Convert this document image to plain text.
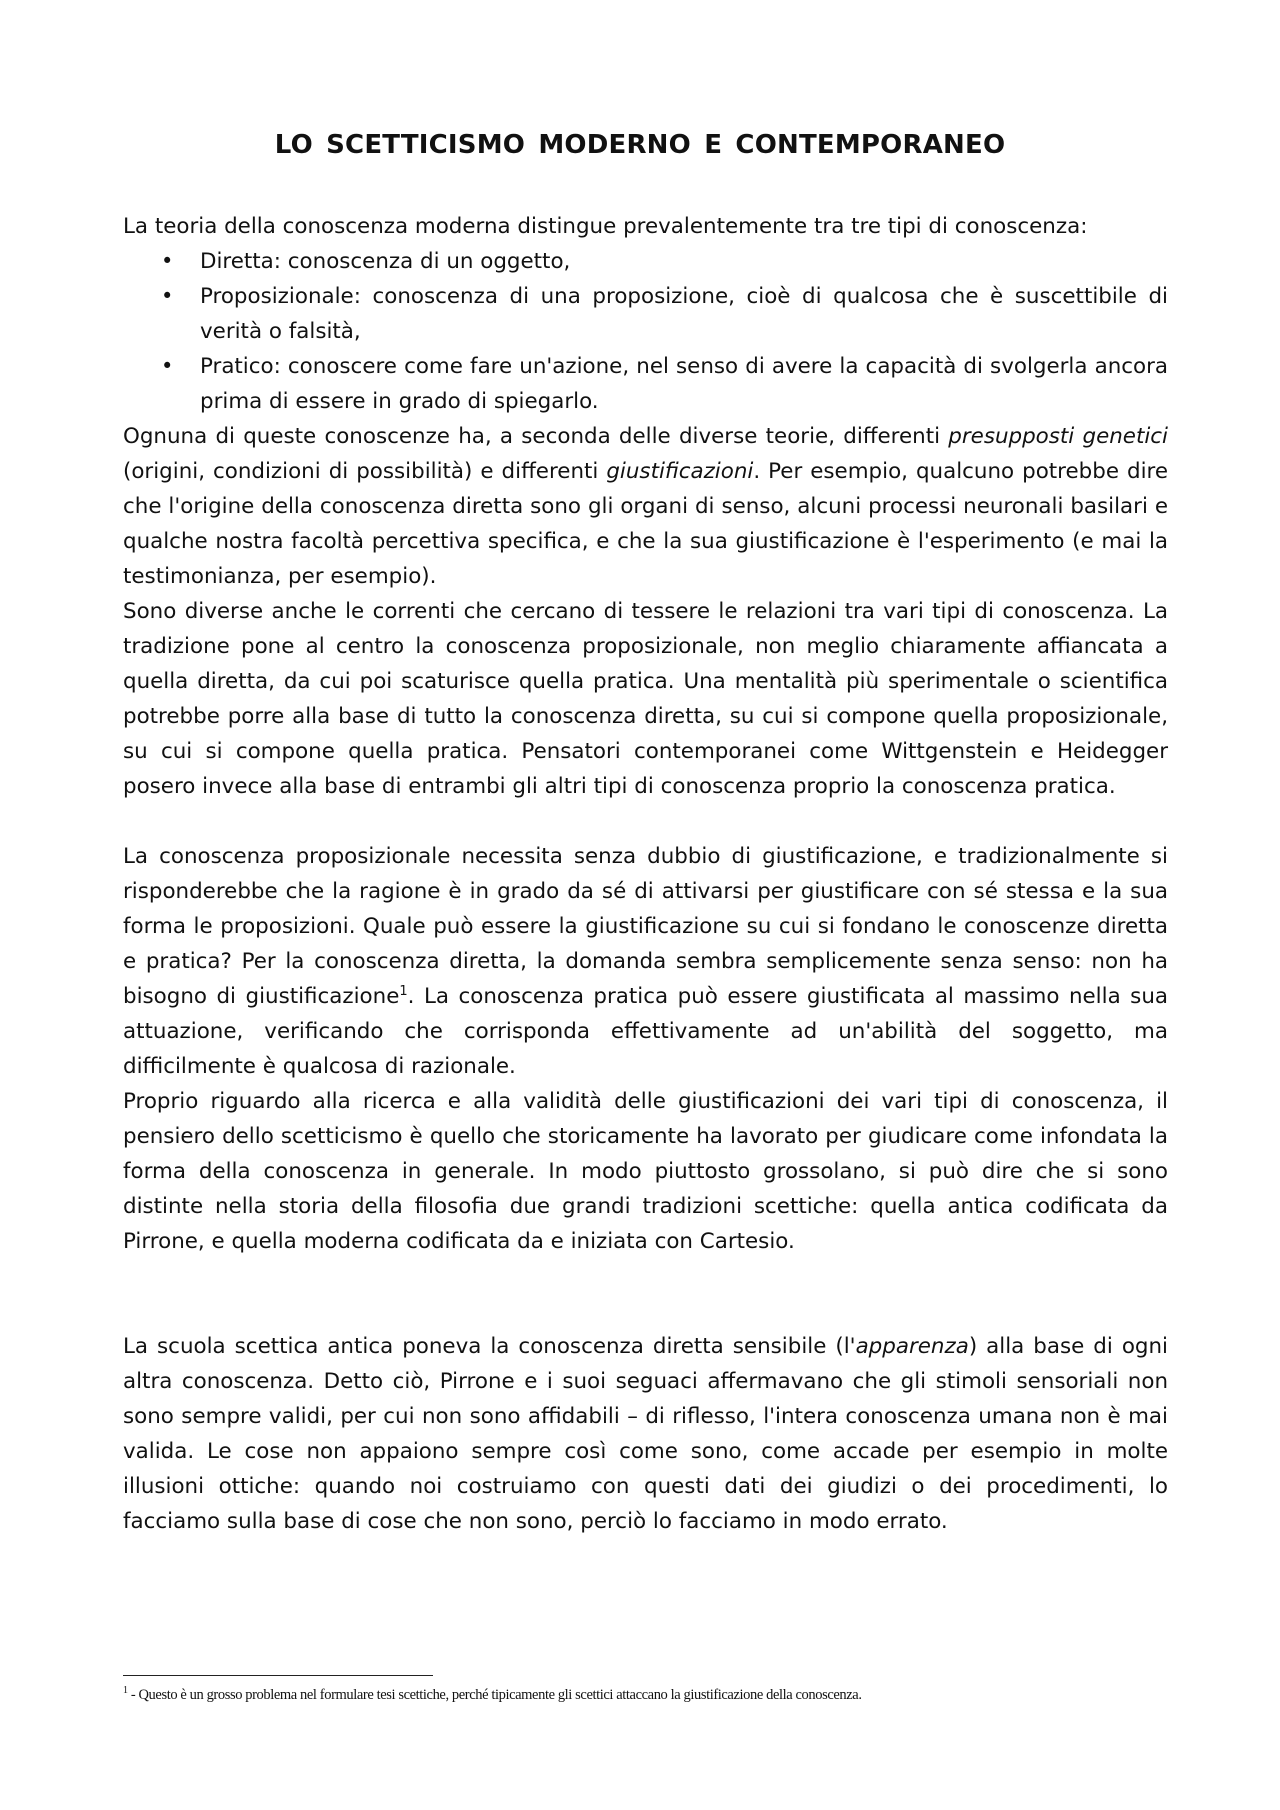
LO SCETTICISMO MODERNO E CONTEMPORANEO

La teoria della conoscenza moderna distingue prevalentemente tra tre tipi di conoscenza:

• Diretta: conoscenza di un oggetto,
• Proposizionale: conoscenza di una proposizione, cioè di qualcosa che è suscettibile di verità o falsità,
• Pratico: conoscere come fare un'azione, nel senso di avere la capacità di svolgerla ancora prima di essere in grado di spiegarlo.

Ognuna di queste conoscenze ha, a seconda delle diverse teorie, differenti presupposti genetici (origini, condizioni di possibilità) e differenti giustificazioni. Per esempio, qualcuno potrebbe dire che l'origine della conoscenza diretta sono gli organi di senso, alcuni processi neuronali basilari e qualche nostra facoltà percettiva specifica, e che la sua giustificazione è l'esperimento (e mai la testimonianza, per esempio).

Sono diverse anche le correnti che cercano di tessere le relazioni tra vari tipi di conoscenza. La tradizione pone al centro la conoscenza proposizionale, non meglio chiaramente affiancata a quella diretta, da cui poi scaturisce quella pratica. Una mentalità più sperimentale o scientifica potrebbe porre alla base di tutto la conoscenza diretta, su cui si compone quella proposizionale, su cui si compone quella pratica. Pensatori contemporanei come Wittgenstein e Heidegger posero invece alla base di entrambi gli altri tipi di conoscenza proprio la conoscenza pratica.

La conoscenza proposizionale necessita senza dubbio di giustificazione, e tradizionalmente si risponderebbe che la ragione è in grado da sé di attivarsi per giustificare con sé stessa e la sua forma le proposizioni. Quale può essere la giustificazione su cui si fondano le conoscenze diretta e pratica? Per la conoscenza diretta, la domanda sembra semplicemente senza senso: non ha bisogno di giustificazione$^1$. La conoscenza pratica può essere giustificata al massimo nella sua attuazione, verificando che corrisponda effettivamente ad un'abilità del soggetto, ma difficilmente è qualcosa di razionale.

Proprio riguardo alla ricerca e alla validità delle giustificazioni dei vari tipi di conoscenza, il pensiero dello scetticismo è quello che storicamente ha lavorato per giudicare come infondata la forma della conoscenza in generale. In modo piuttosto grossolano, si può dire che si sono distinte nella storia della filosofia due grandi tradizioni scettiche: quella antica codificata da Pirrone, e quella moderna codificata da e iniziata con Cartesio.

La scuola scettica antica poneva la conoscenza diretta sensibile (l'apparenza) alla base di ogni altra conoscenza. Detto ciò, Pirrone e i suoi seguaci affermavano che gli stimoli sensoriali non sono sempre validi, per cui non sono affidabili – di riflesso, l'intera conoscenza umana non è mai valida. Le cose non appaiono sempre così come sono, come accade per esempio in molte illusioni ottiche: quando noi costruiamo con questi dati dei giudizi o dei procedimenti, lo facciamo sulla base di cose che non sono, perciò lo facciamo in modo errato.

$^1$ - Questo è un grosso problema nel formulare tesi scettiche, perché tipicamente gli scettici attaccano la giustificazione della conoscenza.
